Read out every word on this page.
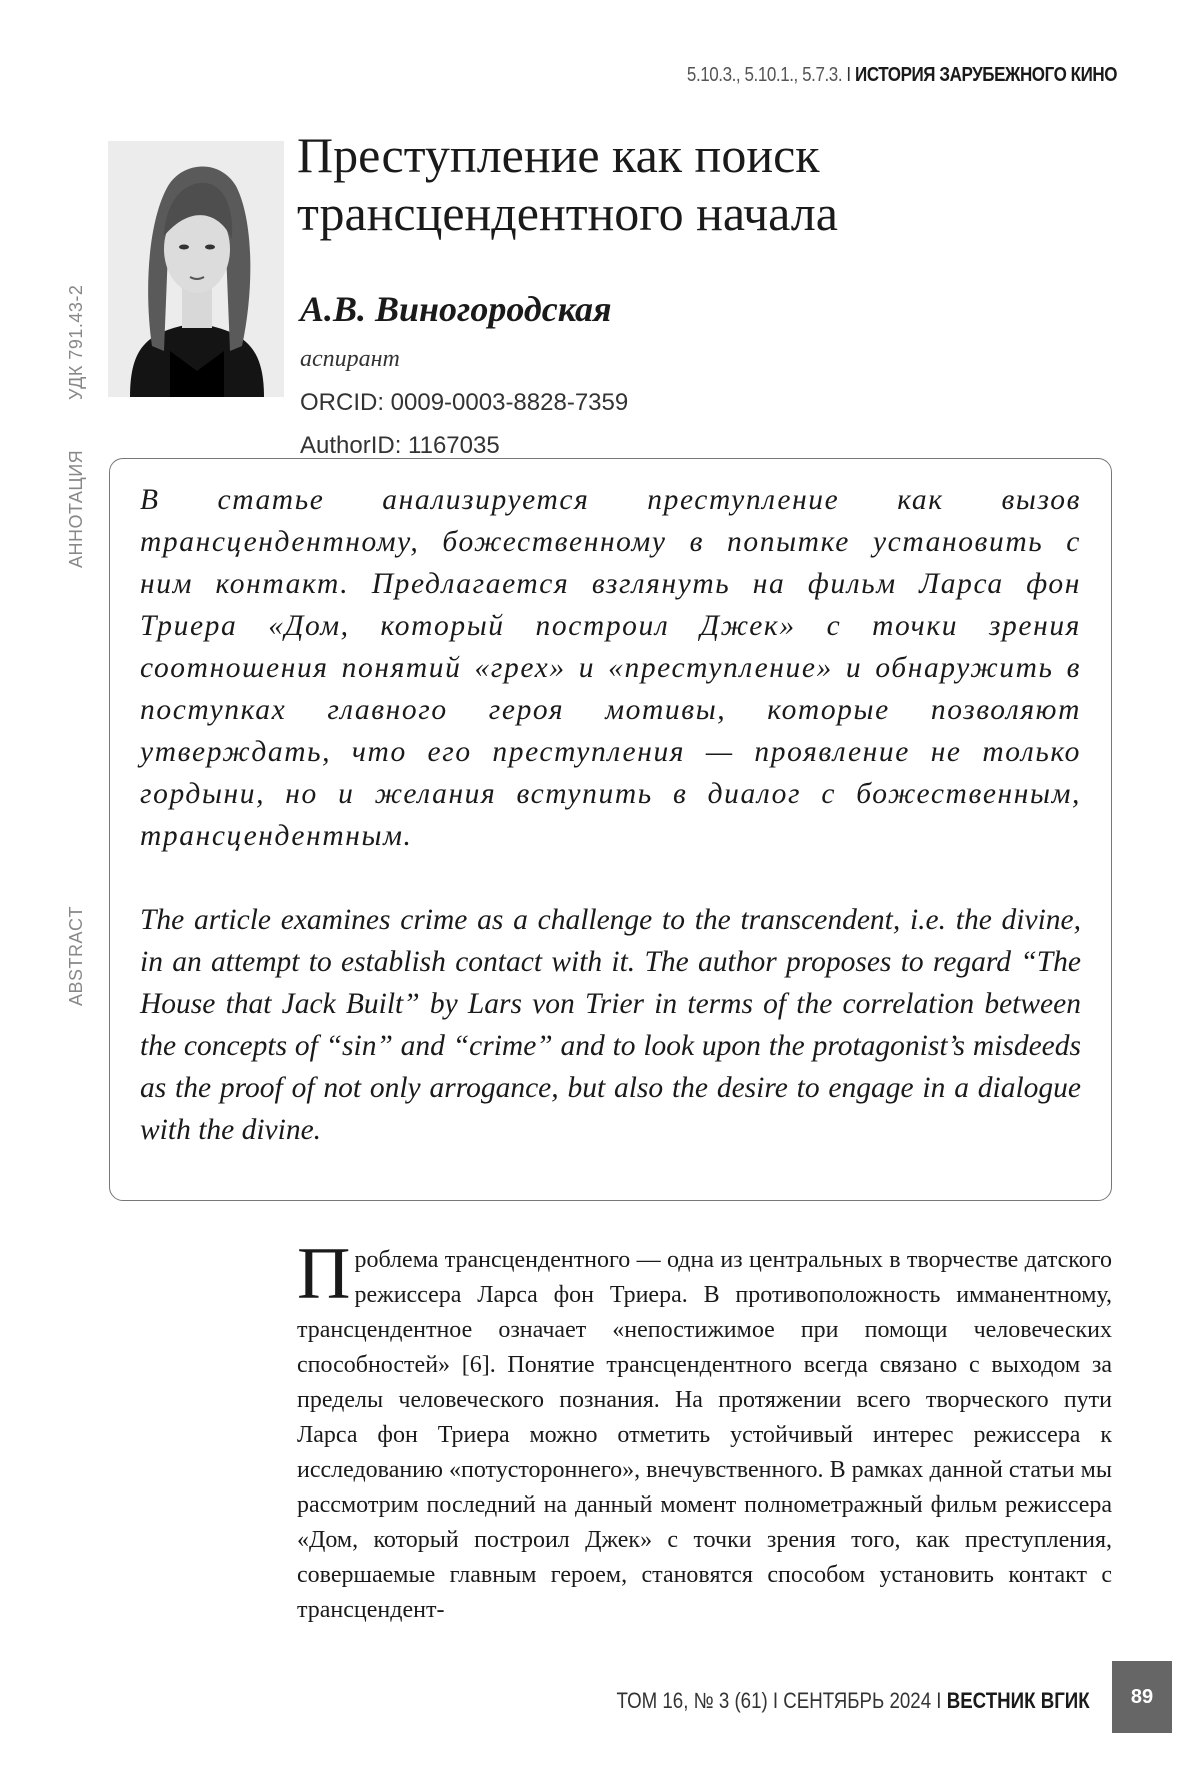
5.10.3., 5.10.1., 5.7.3. I ИСТОРИЯ ЗАРУБЕЖНОГО КИНО
Преступление как поиск
трансцендентного начала
А.В. Виногородская
аспирант
ORCID: 0009-0003-8828-7359
AuthorID: 1167035
УДК 791.43-2
АННОТАЦИЯ
ABSTRACT

В статье анализируется преступление как вызов трансцендентному, божественному в попытке установить с ним контакт. Предлагается взглянуть на фильм Ларса фон Триера «Дом, который построил Джек» с точки зрения соотношения понятий «грех» и «преступление» и обнаружить в поступках главного героя мотивы, которые позволяют утверждать, что его преступления — проявление не только гордыни, но и желания вступить в диалог с божественным, трансцендентным.

The article examines crime as a challenge to the transcendent, i.e. the divine, in an attempt to establish contact with it. The author proposes to regard “The House that Jack Built” by Lars von Trier in terms of the correlation between the concepts of “sin” and “crime” and to look upon the protagonist’s misdeeds as the proof of not only arrogance, but also the desire to engage in a dialogue with the divine.

Проблема трансцендентного — одна из центральных в творчестве датского режиссера Ларса фон Триера. В противоположность имманентному, трансцендентное означает «непостижимое при помощи человеческих способностей» [6]. Понятие трансцендентного всегда связано с выходом за пределы человеческого познания. На протяжении всего творческого пути Ларса фон Триера можно отметить устойчивый интерес режиссера к исследованию «потустороннего», внечувственного. В рамках данной статьи мы рассмотрим последний на данный момент полнометражный фильм режиссера «Дом, который построил Джек» с точки зрения того, как преступления, совершаемые главным героем, становятся способом установить контакт с трансцендент-

ТОМ 16, № 3 (61) I СЕНТЯБРЬ 2024 I ВЕСТНИК ВГИК	89
